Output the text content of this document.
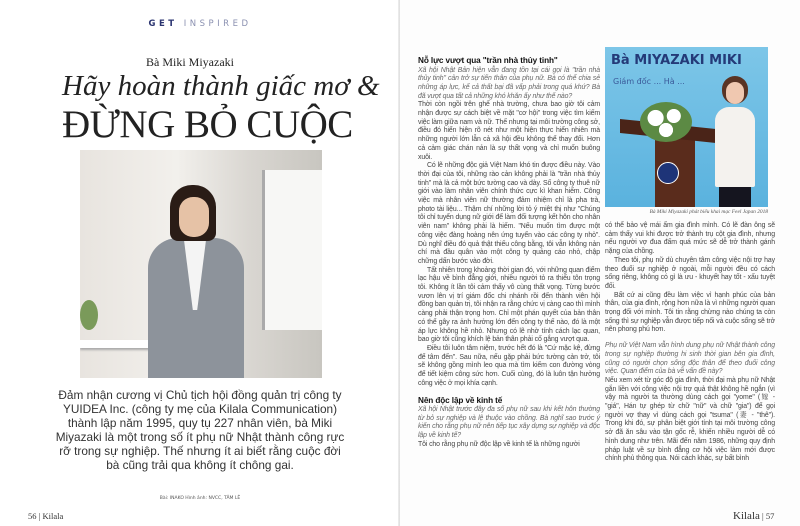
GET INSPIRED
Bà Miki Miyazaki
Hãy hoàn thành giấc mơ &
ĐỪNG BỎ CUỘC
Đảm nhận cương vị Chủ tịch hội đồng quản trị công ty YUIDEA Inc. (công ty mẹ của Kilala Communication) thành lập năm 1995, quy tụ 227 nhân viên, bà Miki Miyazaki là một trong số ít phụ nữ Nhật thành công rực rỡ trong sự nghiệp. Thế nhưng ít ai biết rằng cuộc đời bà cũng trải qua không ít chông gai.
Bài: INAKO Hình ảnh: NVCC, TÂM LÊ
56 | Kilala
Nỗ lực vượt qua "trần nhà thủy tinh"

Xã hội Nhật Bản hiện vẫn đang tồn tại cái gọi là "trần nhà thủy tinh" cản trở sự tiến thân của phụ nữ. Bà có thể chia sẻ những áp lực, kể cả thất bại đã vấp phải trong quá khứ? Bà đã vượt qua tất cả những khó khăn ấy như thế nào?

Thời còn ngồi trên ghế nhà trường, chưa bao giờ tôi cảm nhận được sự cách biệt về mặt "cơ hội" trong việc tìm kiếm việc làm giữa nam và nữ. Thế nhưng tại môi trường công sở, điều đó hiển hiện rõ nét như một hiện thực hiển nhiên mà những người lớn lẫn cả xã hội đều không thể thay đổi. Hơn cả cảm giác chán nản là sự thất vọng và chỉ muốn buông xuôi.

Có lẽ những độc giả Việt Nam khó tin được điều này. Vào thời đại của tôi, những rào cản không phải là "trần nhà thủy tinh" mà là cả một bức tường cao và dày. Số công ty thuê nữ giới vào làm nhân viên chính thức cực kì khan hiếm. Công việc mà nhân viên nữ thường đảm nhiệm chỉ là pha trà, photo tài liệu... Thậm chí những lời tỏ ý miệt thị như "Chúng tôi chỉ tuyển dụng nữ giới để làm đối tượng kết hôn cho nhân viên nam" không phải là hiếm. "Nếu muốn tìm được một công việc đàng hoàng nên ứng tuyển vào các công ty nhỏ". Dù nghĩ điều đó quả thật thiếu công bằng, tôi vẫn không nản chí mà đầu quân vào một công ty quảng cáo nhỏ, chập chững dấn bước vào đời.

Tất nhiên trong khoảng thời gian đó, với những quan điểm lạc hậu về bình đẳng giới, nhiều người tỏ ra thiếu tôn trọng tôi. Không ít lần tôi cảm thấy vô cùng thất vọng. Từng bước vươn lên vị trí giám đốc chi nhánh rồi đến thành viên hội đồng ban quản trị, tôi nhận ra rằng chức vị càng cao thì mình càng phải thận trọng hơn. Chỉ một phán quyết của bản thân có thể gây ra ảnh hưởng lớn đến công ty thế nào, đó là một áp lực không hề nhỏ. Nhưng có lẽ nhờ tính cách lạc quan, bao giờ tôi cũng khích lệ bản thân phải cố gắng vượt qua.

Điều tôi luôn tâm niệm, trước hết đó là "Cứ mặc kệ, đừng để tâm đến". Sau nữa, nếu gặp phải bức tường cản trở, tôi sẽ không gồng mình leo qua mà tìm kiếm con đường vòng để tiết kiệm công sức hơn. Cuối cùng, đó là luôn tận hưởng công việc ở mọi khía cạnh.

Nên độc lập về kinh tế

Xã hội Nhật trước đây đa số phụ nữ sau khi kết hôn thường từ bỏ sự nghiệp và lệ thuộc vào chồng. Bà nghĩ sao trước ý kiến cho rằng phụ nữ nên tiếp tục xây dựng sự nghiệp và độc lập về kinh tế?

Tôi cho rằng phụ nữ độc lập về kinh tế là những người

Bà MIYAZAKI MIKI
Giám đốc ... Hà ...
Bà Miki Miyazaki phát biểu khai mạc Feel Japan 2018

có thể bảo vệ mái ấm gia đình mình. Có lẽ đàn ông sẽ cảm thấy vui khi được trở thành trụ cột gia đình, nhưng nếu người vợ đua đấm quá mức sẽ dễ trở thành gánh nặng của chồng.

Theo tôi, phụ nữ dù chuyên tâm công việc nội trợ hay theo đuổi sự nghiệp ở ngoài, mỗi người đều có cách sống riêng, không có gì là ưu - khuyết hay tốt - xấu tuyệt đối.

Bất cứ ai cũng đều làm việc vì hạnh phúc của bản thân, của gia đình, rộng hơn nữa là vì những người quan trọng đối với mình. Tôi tin rằng chừng nào chúng ta còn sống thì sự nghiệp vẫn được tiếp nối và cuộc sống sẽ trở nên phong phú hơn.

Phụ nữ Việt Nam vẫn hình dung phụ nữ Nhật thành công trong sự nghiệp thường hi sinh thời gian bên gia đình, cũng có người chọn sống độc thân để theo đuổi công việc. Quan điểm của bà về vấn đề này?

Nếu xem xét từ góc độ gia đình, thời đại mà phụ nữ Nhật gắn liền với công việc nội trợ quả thật không hề ngắn (vì vậy mà người ta thường dùng cách gọi "yome" (嫁 - "giá", Hán tự ghép từ chữ "nữ" và chữ "gia") để gọi người vợ thay vì dùng cách gọi "tsuma" (妻 - "thê"). Trong khi đó, sự phân biệt giới tính tại môi trường công sở đã ăn sâu vào tận gốc rễ, khiến nhiều người dễ có hình dung như trên. Mãi đến năm 1986, những quy định pháp luật về sự bình đẳng cơ hội việc làm mới được chính phủ thông qua. Nói cách khác, sự bất bình

Kilala | 57
